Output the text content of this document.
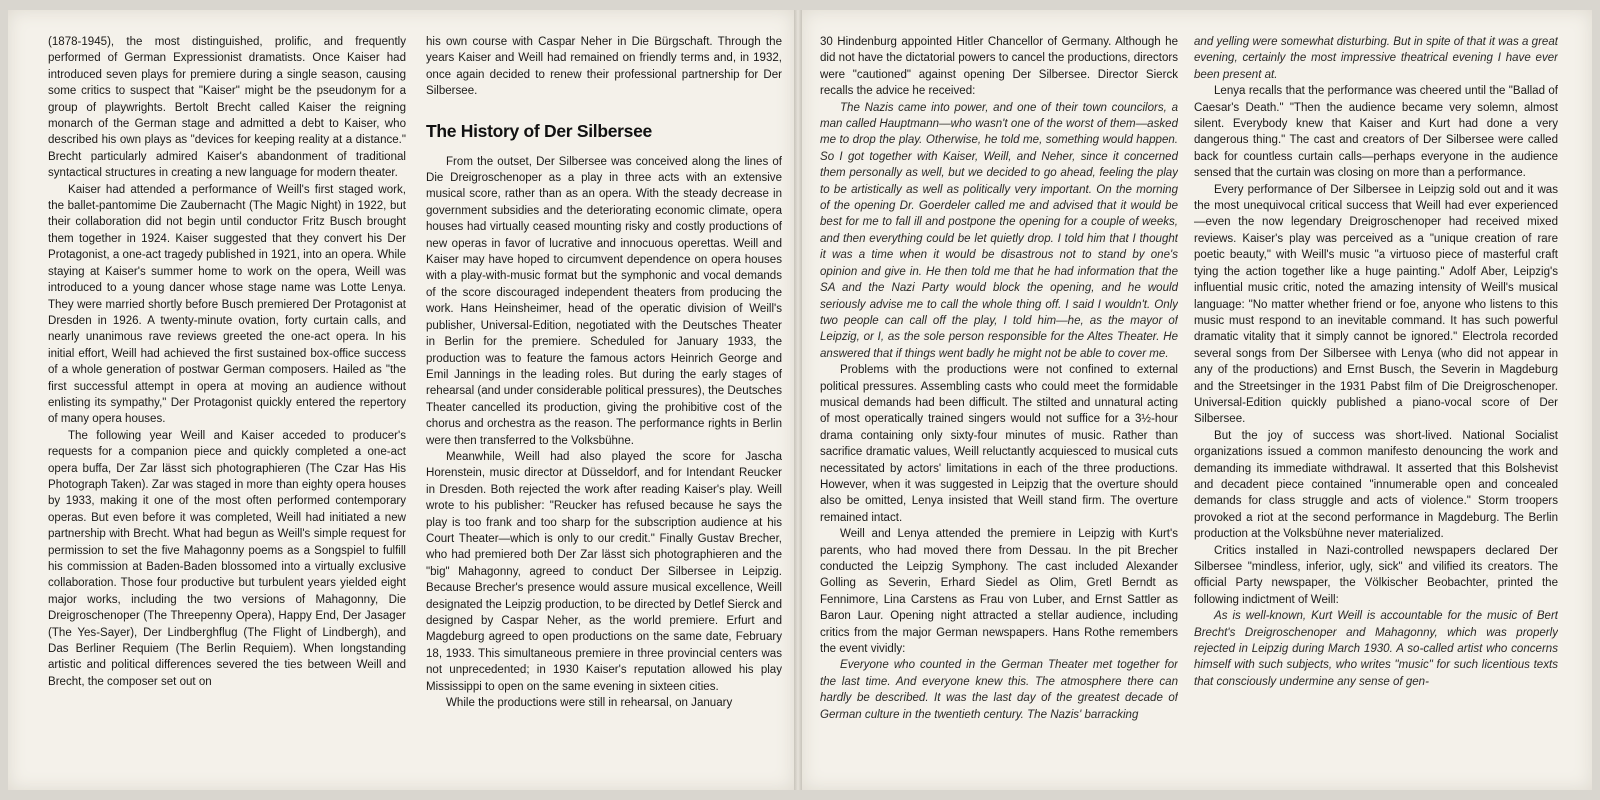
(1878-1945), the most distinguished, prolific, and frequently performed of German Expressionist dramatists. Once Kaiser had introduced seven plays for premiere during a single season, causing some critics to suspect that "Kaiser" might be the pseudonym for a group of playwrights. Bertolt Brecht called Kaiser the reigning monarch of the German stage and admitted a debt to Kaiser, who described his own plays as "devices for keeping reality at a distance." Brecht particularly admired Kaiser's abandonment of traditional syntactical structures in creating a new language for modern theater.

Kaiser had attended a performance of Weill's first staged work, the ballet-pantomime Die Zaubernacht (The Magic Night) in 1922, but their collaboration did not begin until conductor Fritz Busch brought them together in 1924. Kaiser suggested that they convert his Der Protagonist, a one-act tragedy published in 1921, into an opera. While staying at Kaiser's summer home to work on the opera, Weill was introduced to a young dancer whose stage name was Lotte Lenya. They were married shortly before Busch premiered Der Protagonist at Dresden in 1926. A twenty-minute ovation, forty curtain calls, and nearly unanimous rave reviews greeted the one-act opera. In his initial effort, Weill had achieved the first sustained box-office success of a whole generation of postwar German composers. Hailed as "the first successful attempt in opera at moving an audience without enlisting its sympathy," Der Protagonist quickly entered the repertory of many opera houses.

The following year Weill and Kaiser acceded to producer's requests for a companion piece and quickly completed a one-act opera buffa, Der Zar lässt sich photographieren (The Czar Has His Photograph Taken). Zar was staged in more than eighty opera houses by 1933, making it one of the most often performed contemporary operas. But even before it was completed, Weill had initiated a new partnership with Brecht. What had begun as Weill's simple request for permission to set the five Mahagonny poems as a Songspiel to fulfill his commission at Baden-Baden blossomed into a virtually exclusive collaboration. Those four productive but turbulent years yielded eight major works, including the two versions of Mahagonny, Die Dreigroschenoper (The Threepenny Opera), Happy End, Der Jasager (The Yes-Sayer), Der Lindberghflug (The Flight of Lindbergh), and Das Berliner Requiem (The Berlin Requiem). When longstanding artistic and political differences severed the ties between Weill and Brecht, the composer set out on

his own course with Caspar Neher in Die Bürgschaft. Through the years Kaiser and Weill had remained on friendly terms and, in 1932, once again decided to renew their professional partnership for Der Silbersee.

The History of Der Silbersee

From the outset, Der Silbersee was conceived along the lines of Die Dreigroschenoper as a play in three acts with an extensive musical score, rather than as an opera. With the steady decrease in government subsidies and the deteriorating economic climate, opera houses had virtually ceased mounting risky and costly productions of new operas in favor of lucrative and innocuous operettas. Weill and Kaiser may have hoped to circumvent dependence on opera houses with a play-with-music format but the symphonic and vocal demands of the score discouraged independent theaters from producing the work. Hans Heinsheimer, head of the operatic division of Weill's publisher, Universal-Edition, negotiated with the Deutsches Theater in Berlin for the premiere. Scheduled for January 1933, the production was to feature the famous actors Heinrich George and Emil Jannings in the leading roles. But during the early stages of rehearsal (and under considerable political pressures), the Deutsches Theater cancelled its production, giving the prohibitive cost of the chorus and orchestra as the reason. The performance rights in Berlin were then transferred to the Volksbühne.

Meanwhile, Weill had also played the score for Jascha Horenstein, music director at Düsseldorf, and for Intendant Reucker in Dresden. Both rejected the work after reading Kaiser's play. Weill wrote to his publisher: "Reucker has refused because he says the play is too frank and too sharp for the subscription audience at his Court Theater—which is only to our credit." Finally Gustav Brecher, who had premiered both Der Zar lässt sich photographieren and the "big" Mahagonny, agreed to conduct Der Silbersee in Leipzig. Because Brecher's presence would assure musical excellence, Weill designated the Leipzig production, to be directed by Detlef Sierck and designed by Caspar Neher, as the world premiere. Erfurt and Magdeburg agreed to open productions on the same date, February 18, 1933. This simultaneous premiere in three provincial centers was not unprecedented; in 1930 Kaiser's reputation allowed his play Mississippi to open on the same evening in sixteen cities.

While the productions were still in rehearsal, on January

30 Hindenburg appointed Hitler Chancellor of Germany. Although he did not have the dictatorial powers to cancel the productions, directors were "cautioned" against opening Der Silbersee. Director Sierck recalls the advice he received:

The Nazis came into power, and one of their town councilors, a man called Hauptmann—who wasn't one of the worst of them—asked me to drop the play. Otherwise, he told me, something would happen. So I got together with Kaiser, Weill, and Neher, since it concerned them personally as well, but we decided to go ahead, feeling the play to be artistically as well as politically very important. On the morning of the opening Dr. Goerdeler called me and advised that it would be best for me to fall ill and postpone the opening for a couple of weeks, and then everything could be let quietly drop. I told him that I thought it was a time when it would be disastrous not to stand by one's opinion and give in. He then told me that he had information that the SA and the Nazi Party would block the opening, and he would seriously advise me to call the whole thing off. I said I wouldn't. Only two people can call off the play, I told him—he, as the mayor of Leipzig, or I, as the sole person responsible for the Altes Theater. He answered that if things went badly he might not be able to cover me.

Problems with the productions were not confined to external political pressures. Assembling casts who could meet the formidable musical demands had been difficult. The stilted and unnatural acting of most operatically trained singers would not suffice for a 3½-hour drama containing only sixty-four minutes of music. Rather than sacrifice dramatic values, Weill reluctantly acquiesced to musical cuts necessitated by actors' limitations in each of the three productions. However, when it was suggested in Leipzig that the overture should also be omitted, Lenya insisted that Weill stand firm. The overture remained intact.

Weill and Lenya attended the premiere in Leipzig with Kurt's parents, who had moved there from Dessau. In the pit Brecher conducted the Leipzig Symphony. The cast included Alexander Golling as Severin, Erhard Siedel as Olim, Gretl Berndt as Fennimore, Lina Carstens as Frau von Luber, and Ernst Sattler as Baron Laur. Opening night attracted a stellar audience, including critics from the major German newspapers. Hans Rothe remembers the event vividly:

Everyone who counted in the German Theater met together for the last time. And everyone knew this. The atmosphere there can hardly be described. It was the last day of the greatest decade of German culture in the twentieth century. The Nazis' barracking

and yelling were somewhat disturbing. But in spite of that it was a great evening, certainly the most impressive theatrical evening I have ever been present at.

Lenya recalls that the performance was cheered until the "Ballad of Caesar's Death." "Then the audience became very solemn, almost silent. Everybody knew that Kaiser and Kurt had done a very dangerous thing." The cast and creators of Der Silbersee were called back for countless curtain calls—perhaps everyone in the audience sensed that the curtain was closing on more than a performance.

Every performance of Der Silbersee in Leipzig sold out and it was the most unequivocal critical success that Weill had ever experienced—even the now legendary Dreigroschenoper had received mixed reviews. Kaiser's play was perceived as a "unique creation of rare poetic beauty," with Weill's music "a virtuoso piece of masterful craft tying the action together like a huge painting." Adolf Aber, Leipzig's influential music critic, noted the amazing intensity of Weill's musical language: "No matter whether friend or foe, anyone who listens to this music must respond to an inevitable command. It has such powerful dramatic vitality that it simply cannot be ignored." Electrola recorded several songs from Der Silbersee with Lenya (who did not appear in any of the productions) and Ernst Busch, the Severin in Magdeburg and the Streetsinger in the 1931 Pabst film of Die Dreigroschenoper. Universal-Edition quickly published a piano-vocal score of Der Silbersee.

But the joy of success was short-lived. National Socialist organizations issued a common manifesto denouncing the work and demanding its immediate withdrawal. It asserted that this Bolshevist and decadent piece contained "innumerable open and concealed demands for class struggle and acts of violence." Storm troopers provoked a riot at the second performance in Magdeburg. The Berlin production at the Volksbühne never materialized.

Critics installed in Nazi-controlled newspapers declared Der Silbersee "mindless, inferior, ugly, sick" and vilified its creators. The official Party newspaper, the Völkischer Beobachter, printed the following indictment of Weill:

As is well-known, Kurt Weill is accountable for the music of Bert Brecht's Dreigroschenoper and Mahagonny, which was properly rejected in Leipzig during March 1930. A so-called artist who concerns himself with such subjects, who writes "music" for such licentious texts that consciously undermine any sense of gen-
